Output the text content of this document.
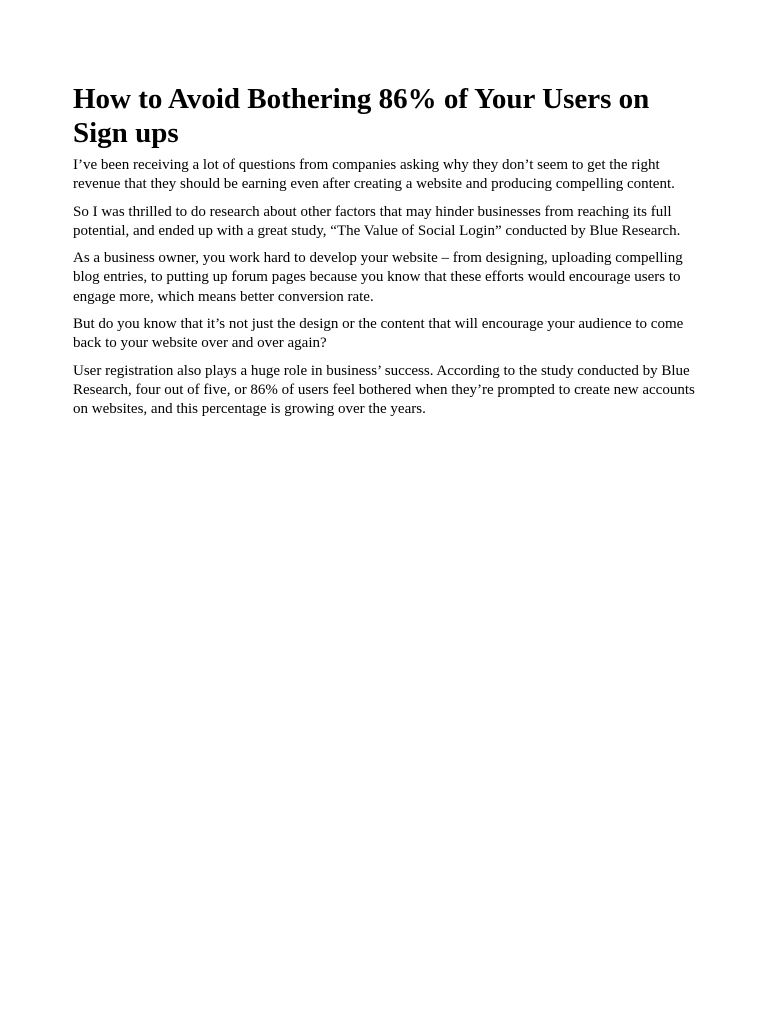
How to Avoid Bothering 86% of Your Users on Sign ups

I’ve been receiving a lot of questions from companies asking why they don’t seem to get the right revenue that they should be earning even after creating a website and producing compelling content.

So I was thrilled to do research about other factors that may hinder businesses from reaching its full potential, and ended up with a great study, “The Value of Social Login” conducted by Blue Research.

As a business owner, you work hard to develop your website – from designing, uploading compelling blog entries, to putting up forum pages because you know that these efforts would encourage users to engage more, which means better conversion rate.

But do you know that it’s not just the design or the content that will encourage your audience to come back to your website over and over again?

User registration also plays a huge role in business’ success. According to the study conducted by Blue Research, four out of five, or 86% of users feel bothered when they’re prompted to create new accounts on websites, and this percentage is growing over the years.
